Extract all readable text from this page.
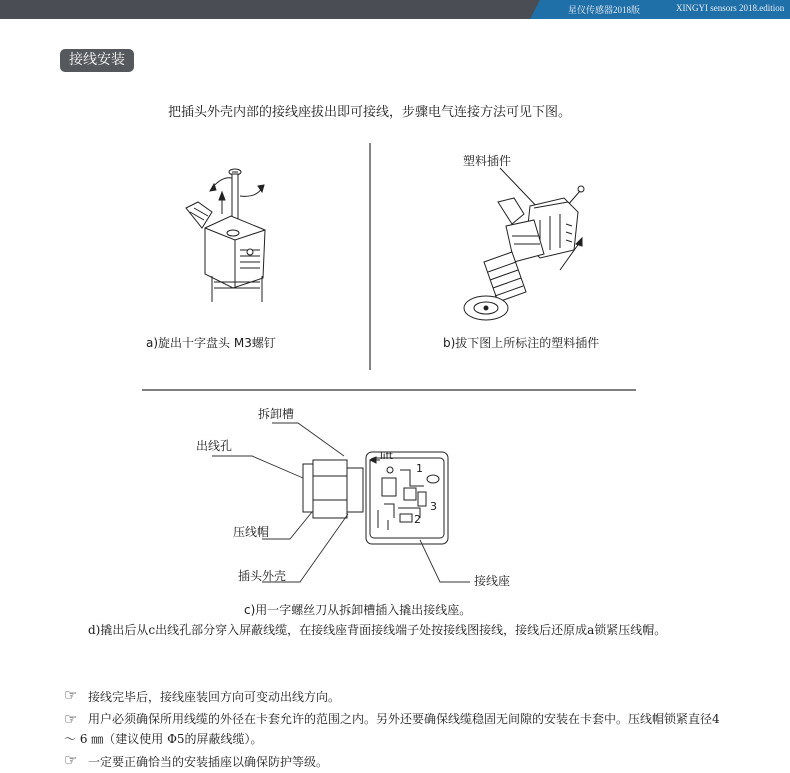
星仪传感器2018版	XINGYI sensors 2018.edition
接线安装
把插头外壳内部的接线座拔出即可接线，步骤电气连接方法可见下图。
a)旋出十字盘头 M3螺钉	b)拔下图上所标注的塑料插件
塑料插件
拆卸槽
出线孔
压线帽
插头外壳	接线座
lift
1
2
3
c)用一字螺丝刀从拆卸槽插入撬出接线座。
d)撬出后从c出线孔部分穿入屏蔽线缆，在接线座背面接线端子处按接线图接线，接线后还原成a锁紧压线帽。
☞ 接线完毕后，接线座装回方向可变动出线方向。
☞ 用户必须确保所用线缆的外径在卡套允许的范围之内。另外还要确保线缆稳固无间隙的安装在卡套中。压线帽锁紧直径4～ 6 ㎜（建议使用 Φ5的屏蔽线缆）。
☞ 一定要正确恰当的安装插座以确保防护等级。
